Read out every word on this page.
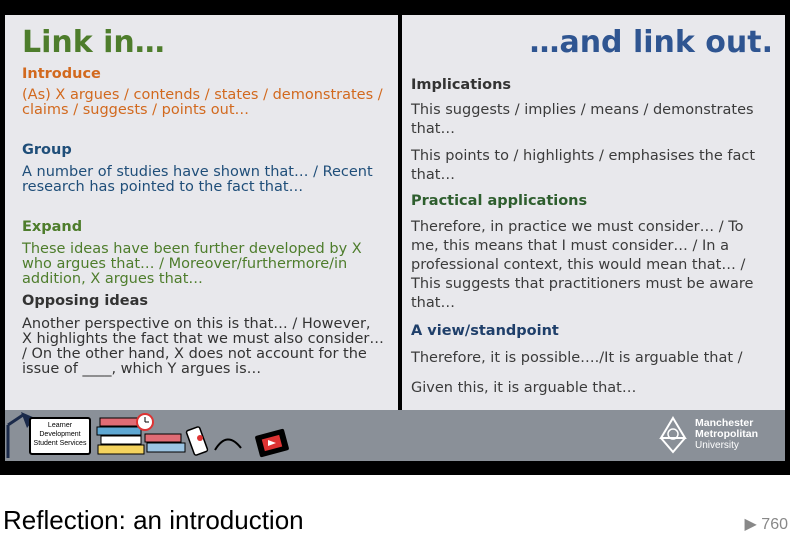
Link in…
Introduce
(As) X argues / contends / states / demonstrates / claims / suggests / points out…
Group
A number of studies have shown that… / Recent research has pointed to the fact that…
Expand
These ideas have been further developed by X who argues that… / Moreover/furthermore/in addition, X argues that…
Opposing ideas
Another perspective on this is that… / However, X highlights the fact that we must also consider… / On the other hand, X does not account for the issue of ____, which Y argues is…
…and link out.
Implications
This suggests / implies / means / demonstrates that…
This points to / highlights / emphasises the fact that…
Practical applications
Therefore, in practice we must consider… / To me, this means that I must consider… / In a professional context, this would mean that… / This suggests that practitioners must be aware that…
A view/standpoint
Therefore, it is possible…./It is arguable that /
Given this, it is arguable that…
Learner
Development
Student Services
Manchester
Metropolitan
University
Reflection: an introduction	▶ 760
